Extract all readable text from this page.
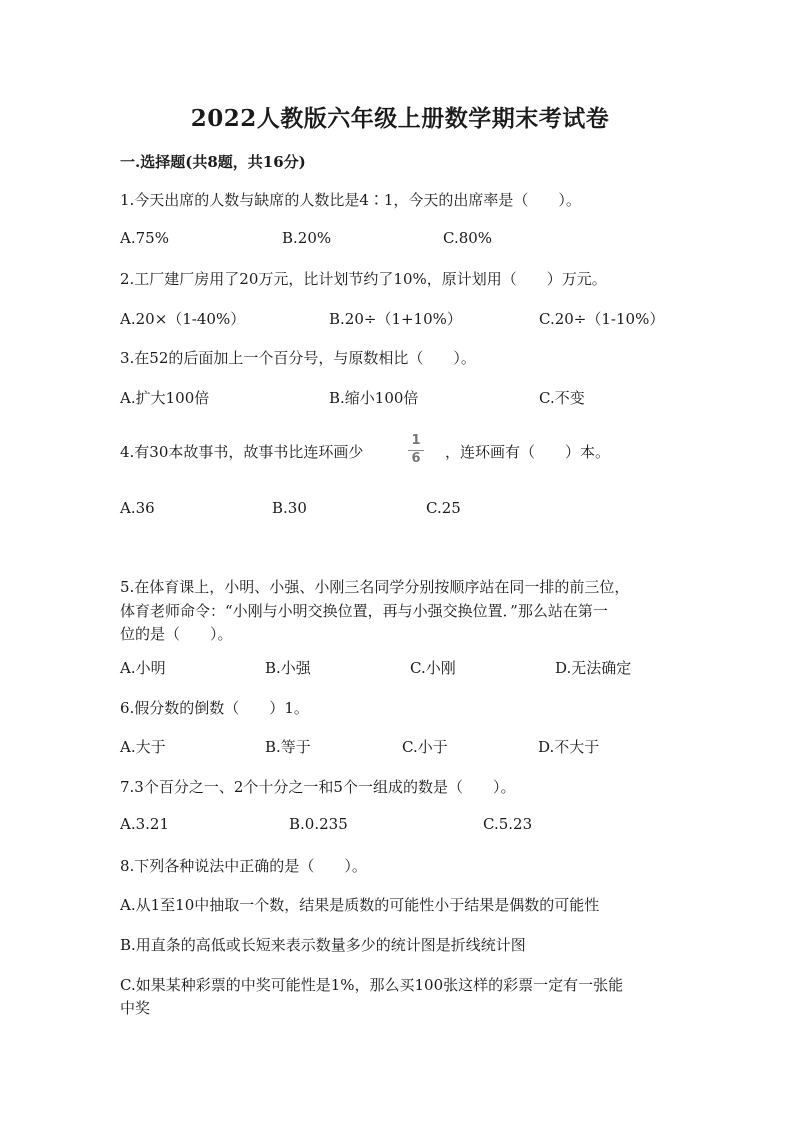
2022人教版六年级上册数学期末考试卷
一.选择题(共8题，共16分)
1.今天出席的人数与缺席的人数比是4∶1，今天的出席率是（　　）。
A.75%	B.20%	C.80%
2.工厂建厂房用了20万元，比计划节约了10%，原计划用（　　）万元。
A.20×（1-40%）	B.20÷（1+10%）	C.20÷（1-10%）
3.在52的后面加上一个百分号，与原数相比（　　）。
A.扩大100倍	B.缩小100倍	C.不变
4.有30本故事书，故事书比连环画少
1
6 ，连环画有（　　）本。
A.36	B.30	C.25
5.在体育课上，小明、小强、小刚三名同学分别按顺序站在同一排的前三位，
体育老师命令：“小刚与小明交换位置，再与小强交换位置．”那么站在第一
位的是（　　）。
A.小明	B.小强	C.小刚	D.无法确定
6.假分数的倒数（　　）1。
A.大于	B.等于	C.小于	D.不大于
7.3个百分之一、2个十分之一和5个一组成的数是（　　）。
A.3.21	B.0.235	C.5.23
8.下列各种说法中正确的是（　　）。
A.从1至10中抽取一个数，结果是质数的可能性小于结果是偶数的可能性
B.用直条的高低或长短来表示数量多少的统计图是折线统计图
C.如果某种彩票的中奖可能性是1%，那么买100张这样的彩票一定有一张能
中奖
